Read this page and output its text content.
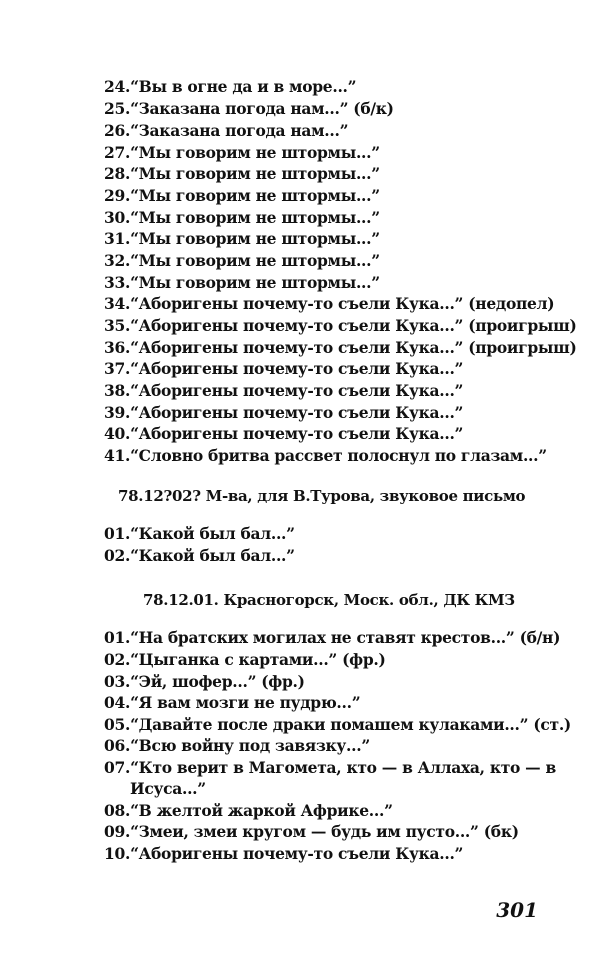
24.“Вы в огне да и в море...”
25.“Заказана погода нам...” (б/к)
26.“Заказана погода нам...”
27.“Мы говорим не штормы...”
28.“Мы говорим не штормы...”
29.“Мы говорим не штормы...”
30.“Мы говорим не штормы...”
31.“Мы говорим не штормы...”
32.“Мы говорим не штормы...”
33.“Мы говорим не штормы...”
34.“Аборигены почему-то съели Кука...” (недопел)
35.“Аборигены почему-то съели Кука...” (проигрыш)
36.“Аборигены почему-то съели Кука...” (проигрыш)
37.“Аборигены почему-то съели Кука...”
38.“Аборигены почему-то съели Кука...”
39.“Аборигены почему-то съели Кука...”
40.“Аборигены почему-то съели Кука...”
41.“Словно бритва рассвет полоснул по глазам...”
78.12?02? М-ва, для В.Турова, звуковое письмо
01.“Какой был бал...”
02.“Какой был бал...”
78.12.01. Красногорск, Моск. обл., ДК КМЗ
01.“На братских могилах не ставят крестов...” (б/н)
02.“Цыганка с картами...” (фр.)
03.“Эй, шофер...” (фр.)
04.“Я вам мозги не пудрю...”
05.“Давайте после драки помашем кулаками...” (ст.)
06.“Всю войну под завязку...”
07.“Кто верит в Магомета, кто — в Аллаха, кто — в
Исуса...”
08.“В желтой жаркой Африке...”
09.“Змеи, змеи кругом — будь им пусто...” (бк)
10.“Аборигены почему-то съели Кука...”
301
